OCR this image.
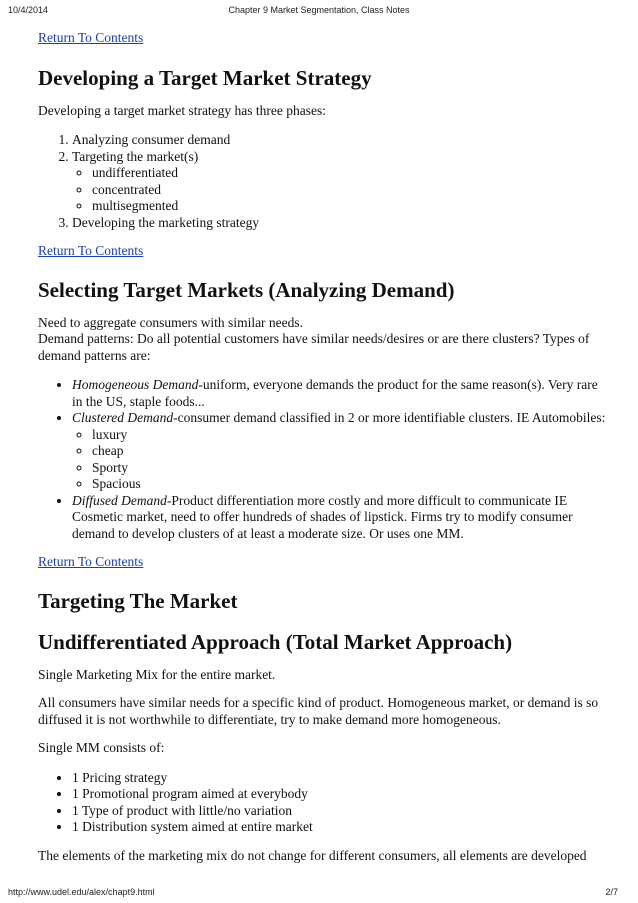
10/4/2014	Chapter 9 Market Segmentation, Class Notes
Return To Contents
Developing a Target Market Strategy

Developing a target market strategy has three phases:

1. Analyzing consumer demand
2. Targeting the market(s)
◦ undifferentiated
◦ concentrated
◦ multisegmented
3. Developing the marketing strategy
Return To Contents
Selecting Target Markets (Analyzing Demand)

Need to aggregate consumers with similar needs.

Demand patterns: Do all potential customers have similar needs/desires or are there clusters? Types of demand patterns are:

• Homogeneous Demand-uniform, everyone demands the product for the same reason(s). Very rare in the US, staple foods...
• Clustered Demand-consumer demand classified in 2 or more identifiable clusters. IE Automobiles:
◦ luxury
◦ cheap
◦ Sporty
◦ Spacious
• Diffused Demand-Product differentiation more costly and more difficult to communicate IE Cosmetic market, need to offer hundreds of shades of lipstick. Firms try to modify consumer demand to develop clusters of at least a moderate size. Or uses one MM.
Return To Contents
Targeting The Market
Undifferentiated Approach (Total Market Approach)

Single Marketing Mix for the entire market.

All consumers have similar needs for a specific kind of product. Homogeneous market, or demand is so diffused it is not worthwhile to differentiate, try to make demand more homogeneous.

Single MM consists of:

• 1 Pricing strategy
• 1 Promotional program aimed at everybody
• 1 Type of product with little/no variation
• 1 Distribution system aimed at entire market

The elements of the marketing mix do not change for different consumers, all elements are developed

http://www.udel.edu/alex/chapt9.html	2/7
